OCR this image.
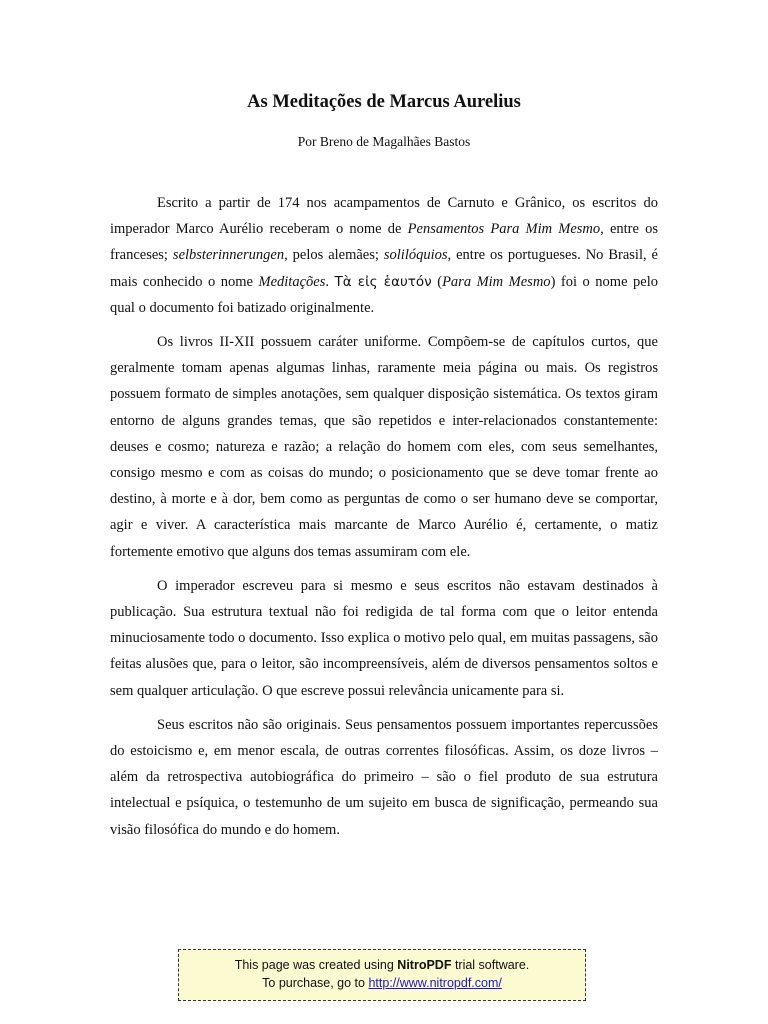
As Meditações de Marcus Aurelius
Por Breno de Magalhães Bastos

Escrito a partir de 174 nos acampamentos de Carnuto e Grânico, os escritos do imperador Marco Aurélio receberam o nome de Pensamentos Para Mim Mesmo, entre os franceses; selbsterinnerungen, pelos alemães; solilóquios, entre os portugueses. No Brasil, é mais conhecido o nome Meditações. Τὰ εἰς ἑαυτόν (Para Mim Mesmo) foi o nome pelo qual o documento foi batizado originalmente.

Os livros II-XII possuem caráter uniforme. Compõem-se de capítulos curtos, que geralmente tomam apenas algumas linhas, raramente meia página ou mais. Os registros possuem formato de simples anotações, sem qualquer disposição sistemática. Os textos giram entorno de alguns grandes temas, que são repetidos e inter-relacionados constantemente: deuses e cosmo; natureza e razão; a relação do homem com eles, com seus semelhantes, consigo mesmo e com as coisas do mundo; o posicionamento que se deve tomar frente ao destino, à morte e à dor, bem como as perguntas de como o ser humano deve se comportar, agir e viver. A característica mais marcante de Marco Aurélio é, certamente, o matiz fortemente emotivo que alguns dos temas assumiram com ele.

O imperador escreveu para si mesmo e seus escritos não estavam destinados à publicação. Sua estrutura textual não foi redigida de tal forma com que o leitor entenda minuciosamente todo o documento. Isso explica o motivo pelo qual, em muitas passagens, são feitas alusões que, para o leitor, são incompreensíveis, além de diversos pensamentos soltos e sem qualquer articulação. O que escreve possui relevância unicamente para si.

Seus escritos não são originais. Seus pensamentos possuem importantes repercussões do estoicismo e, em menor escala, de outras correntes filosóficas. Assim, os doze livros – além da retrospectiva autobiográfica do primeiro – são o fiel produto de sua estrutura intelectual e psíquica, o testemunho de um sujeito em busca de significação, permeando sua visão filosófica do mundo e do homem.

This page was created using NitroPDF trial software.
To purchase, go to http://www.nitropdf.com/
